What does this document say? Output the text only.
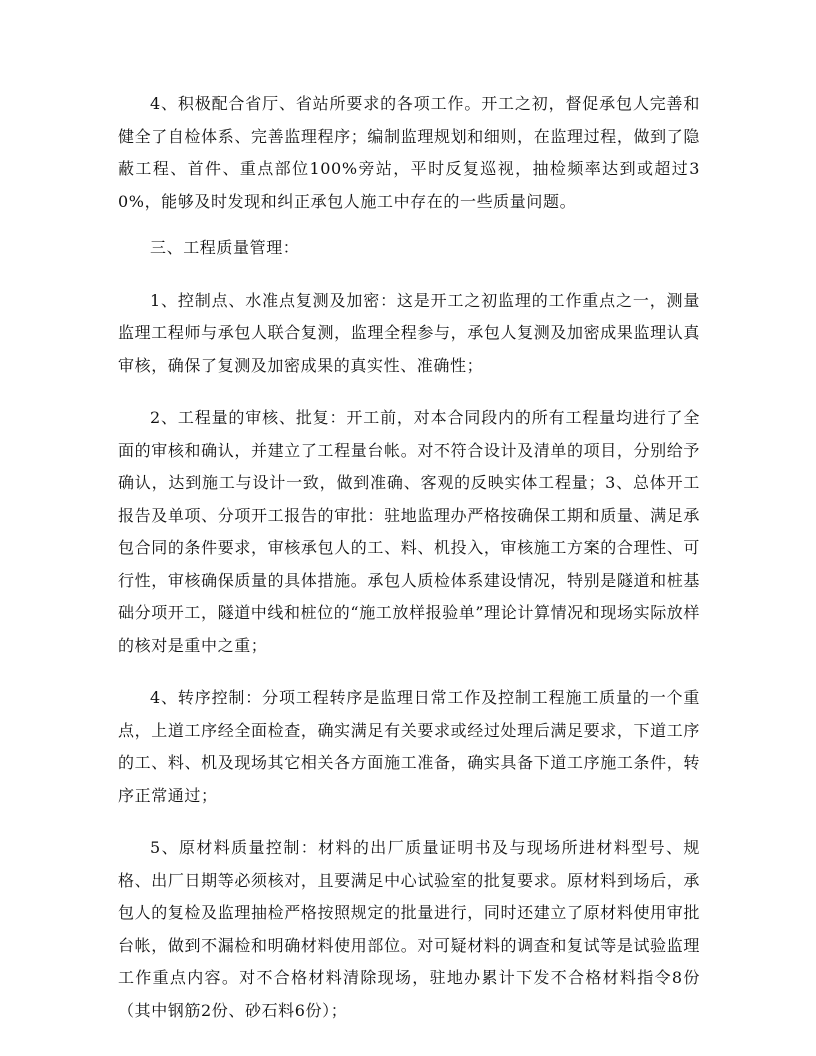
4、积极配合省厅、省站所要求的各项工作。开工之初，督促承包人完善和健全了自检体系、完善监理程序；编制监理规划和细则，在监理过程，做到了隐蔽工程、首件、重点部位100%旁站，平时反复巡视，抽检频率达到或超过30%，能够及时发现和纠正承包人施工中存在的一些质量问题。

三、工程质量管理：

1、控制点、水准点复测及加密：这是开工之初监理的工作重点之一，测量监理工程师与承包人联合复测，监理全程参与，承包人复测及加密成果监理认真审核，确保了复测及加密成果的真实性、准确性；

2、工程量的审核、批复：开工前，对本合同段内的所有工程量均进行了全面的审核和确认，并建立了工程量台帐。对不符合设计及清单的项目，分别给予确认，达到施工与设计一致，做到准确、客观的反映实体工程量；3、总体开工报告及单项、分项开工报告的审批：驻地监理办严格按确保工期和质量、满足承包合同的条件要求，审核承包人的工、料、机投入，审核施工方案的合理性、可行性，审核确保质量的具体措施。承包人质检体系建设情况，特别是隧道和桩基础分项开工，隧道中线和桩位的“施工放样报验单”理论计算情况和现场实际放样的核对是重中之重；

4、转序控制：分项工程转序是监理日常工作及控制工程施工质量的一个重点，上道工序经全面检查，确实满足有关要求或经过处理后满足要求，下道工序的工、料、机及现场其它相关各方面施工准备，确实具备下道工序施工条件，转序正常通过；

5、原材料质量控制：材料的出厂质量证明书及与现场所进材料型号、规格、出厂日期等必须核对，且要满足中心试验室的批复要求。原材料到场后，承包人的复检及监理抽检严格按照规定的批量进行，同时还建立了原材料使用审批台帐，做到不漏检和明确材料使用部位。对可疑材料的调查和复试等是试验监理工作重点内容。对不合格材料清除现场，驻地办累计下发不合格材料指令8份（其中钢筋2份、砂石料6份）；
